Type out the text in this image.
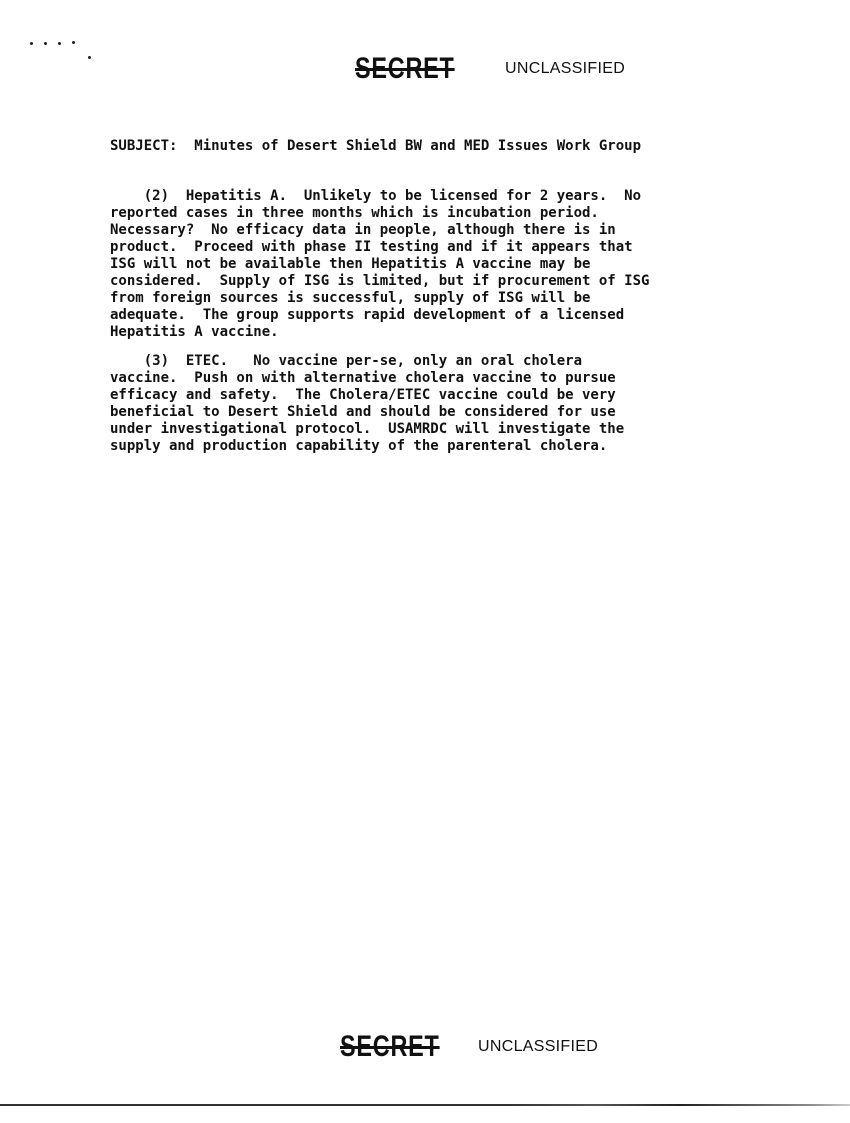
SECRET	UNCLASSIFIED
SUBJECT: Minutes of Desert Shield BW and MED Issues Work Group

(2)  Hepatitis A.  Unlikely to be licensed for 2 years.  No
reported cases in three months which is incubation period.
Necessary?  No efficacy data in people, although there is in
product.  Proceed with phase II testing and if it appears that
ISG will not be available then Hepatitis A vaccine may be
considered.  Supply of ISG is limited, but if procurement of ISG
from foreign sources is successful, supply of ISG will be
adequate.  The group supports rapid development of a licensed
Hepatitis A vaccine.

(3)  ETEC.   No vaccine per-se, only an oral cholera
vaccine.  Push on with alternative cholera vaccine to pursue
efficacy and safety.  The Cholera/ETEC vaccine could be very
beneficial to Desert Shield and should be considered for use
under investigational protocol.  USAMRDC will investigate the
supply and production capability of the parenteral cholera.

SECRET UNCLASSIFIED
